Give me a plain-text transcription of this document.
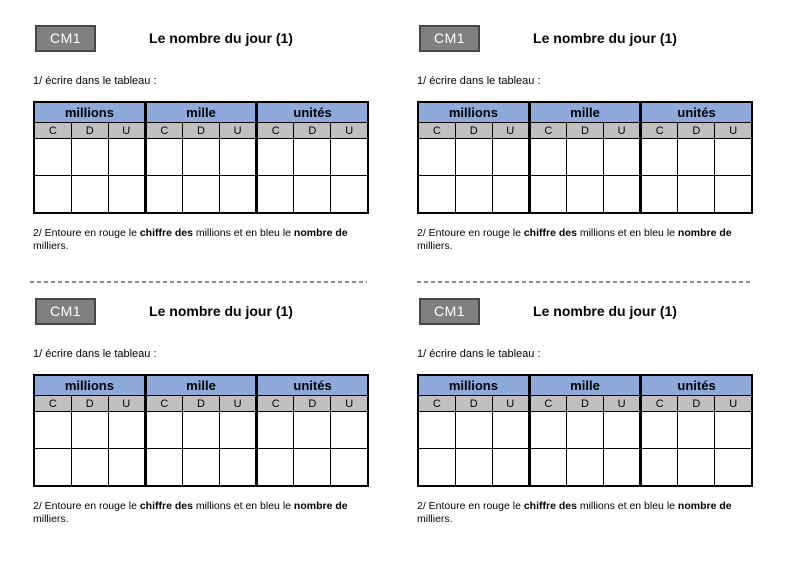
CM1	Le nombre du jour (1)

1/ écrire dans le tableau :

millions			mille			unités		
C	D	U	C	D	U	C	D	U

2/ Entoure en rouge le chiffre des millions et en bleu le nombre de
milliers.

CM1	Le nombre du jour (1)

1/ écrire dans le tableau :

millions			mille			unités		
C	D	U	C	D	U	C	D	U

2/ Entoure en rouge le chiffre des millions et en bleu le nombre de
milliers.

CM1	Le nombre du jour (1)

1/ écrire dans le tableau :

millions			mille			unités		
C	D	U	C	D	U	C	D	U

2/ Entoure en rouge le chiffre des millions et en bleu le nombre de
milliers.

CM1	Le nombre du jour (1)

1/ écrire dans le tableau :

millions			mille			unités		
C	D	U	C	D	U	C	D	U

2/ Entoure en rouge le chiffre des millions et en bleu le nombre de
milliers.
